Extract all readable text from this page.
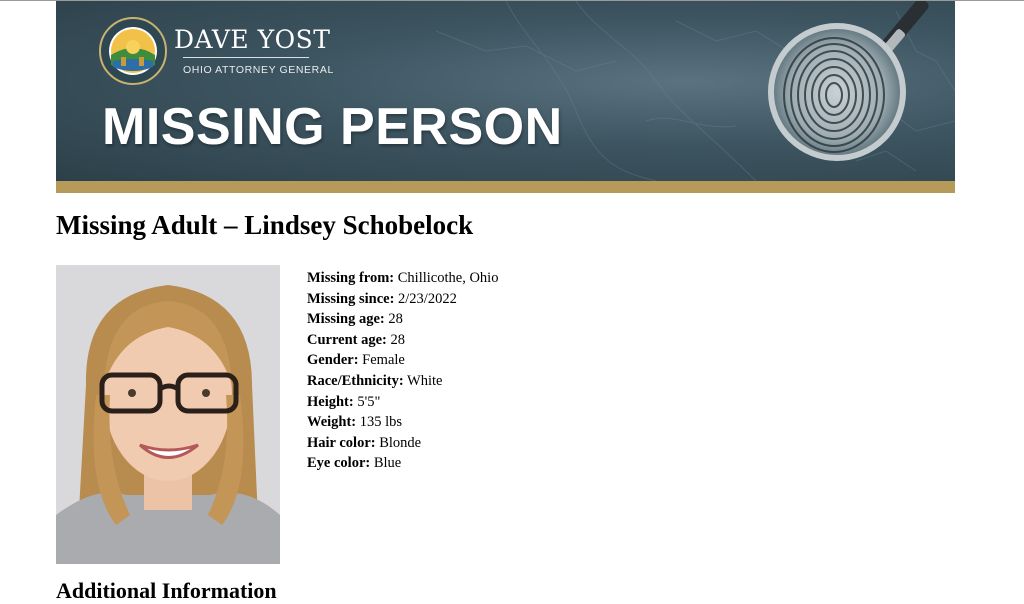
DAVE YOST
OHIO ATTORNEY GENERAL
MISSING PERSON
Missing Adult – Lindsey Schobelock
Missing from: Chillicothe, Ohio
Missing since: 2/23/2022
Missing age: 28
Current age: 28
Gender: Female
Race/Ethnicity: White
Height: 5'5"
Weight: 135 lbs
Hair color: Blonde
Eye color: Blue
Additional Information
